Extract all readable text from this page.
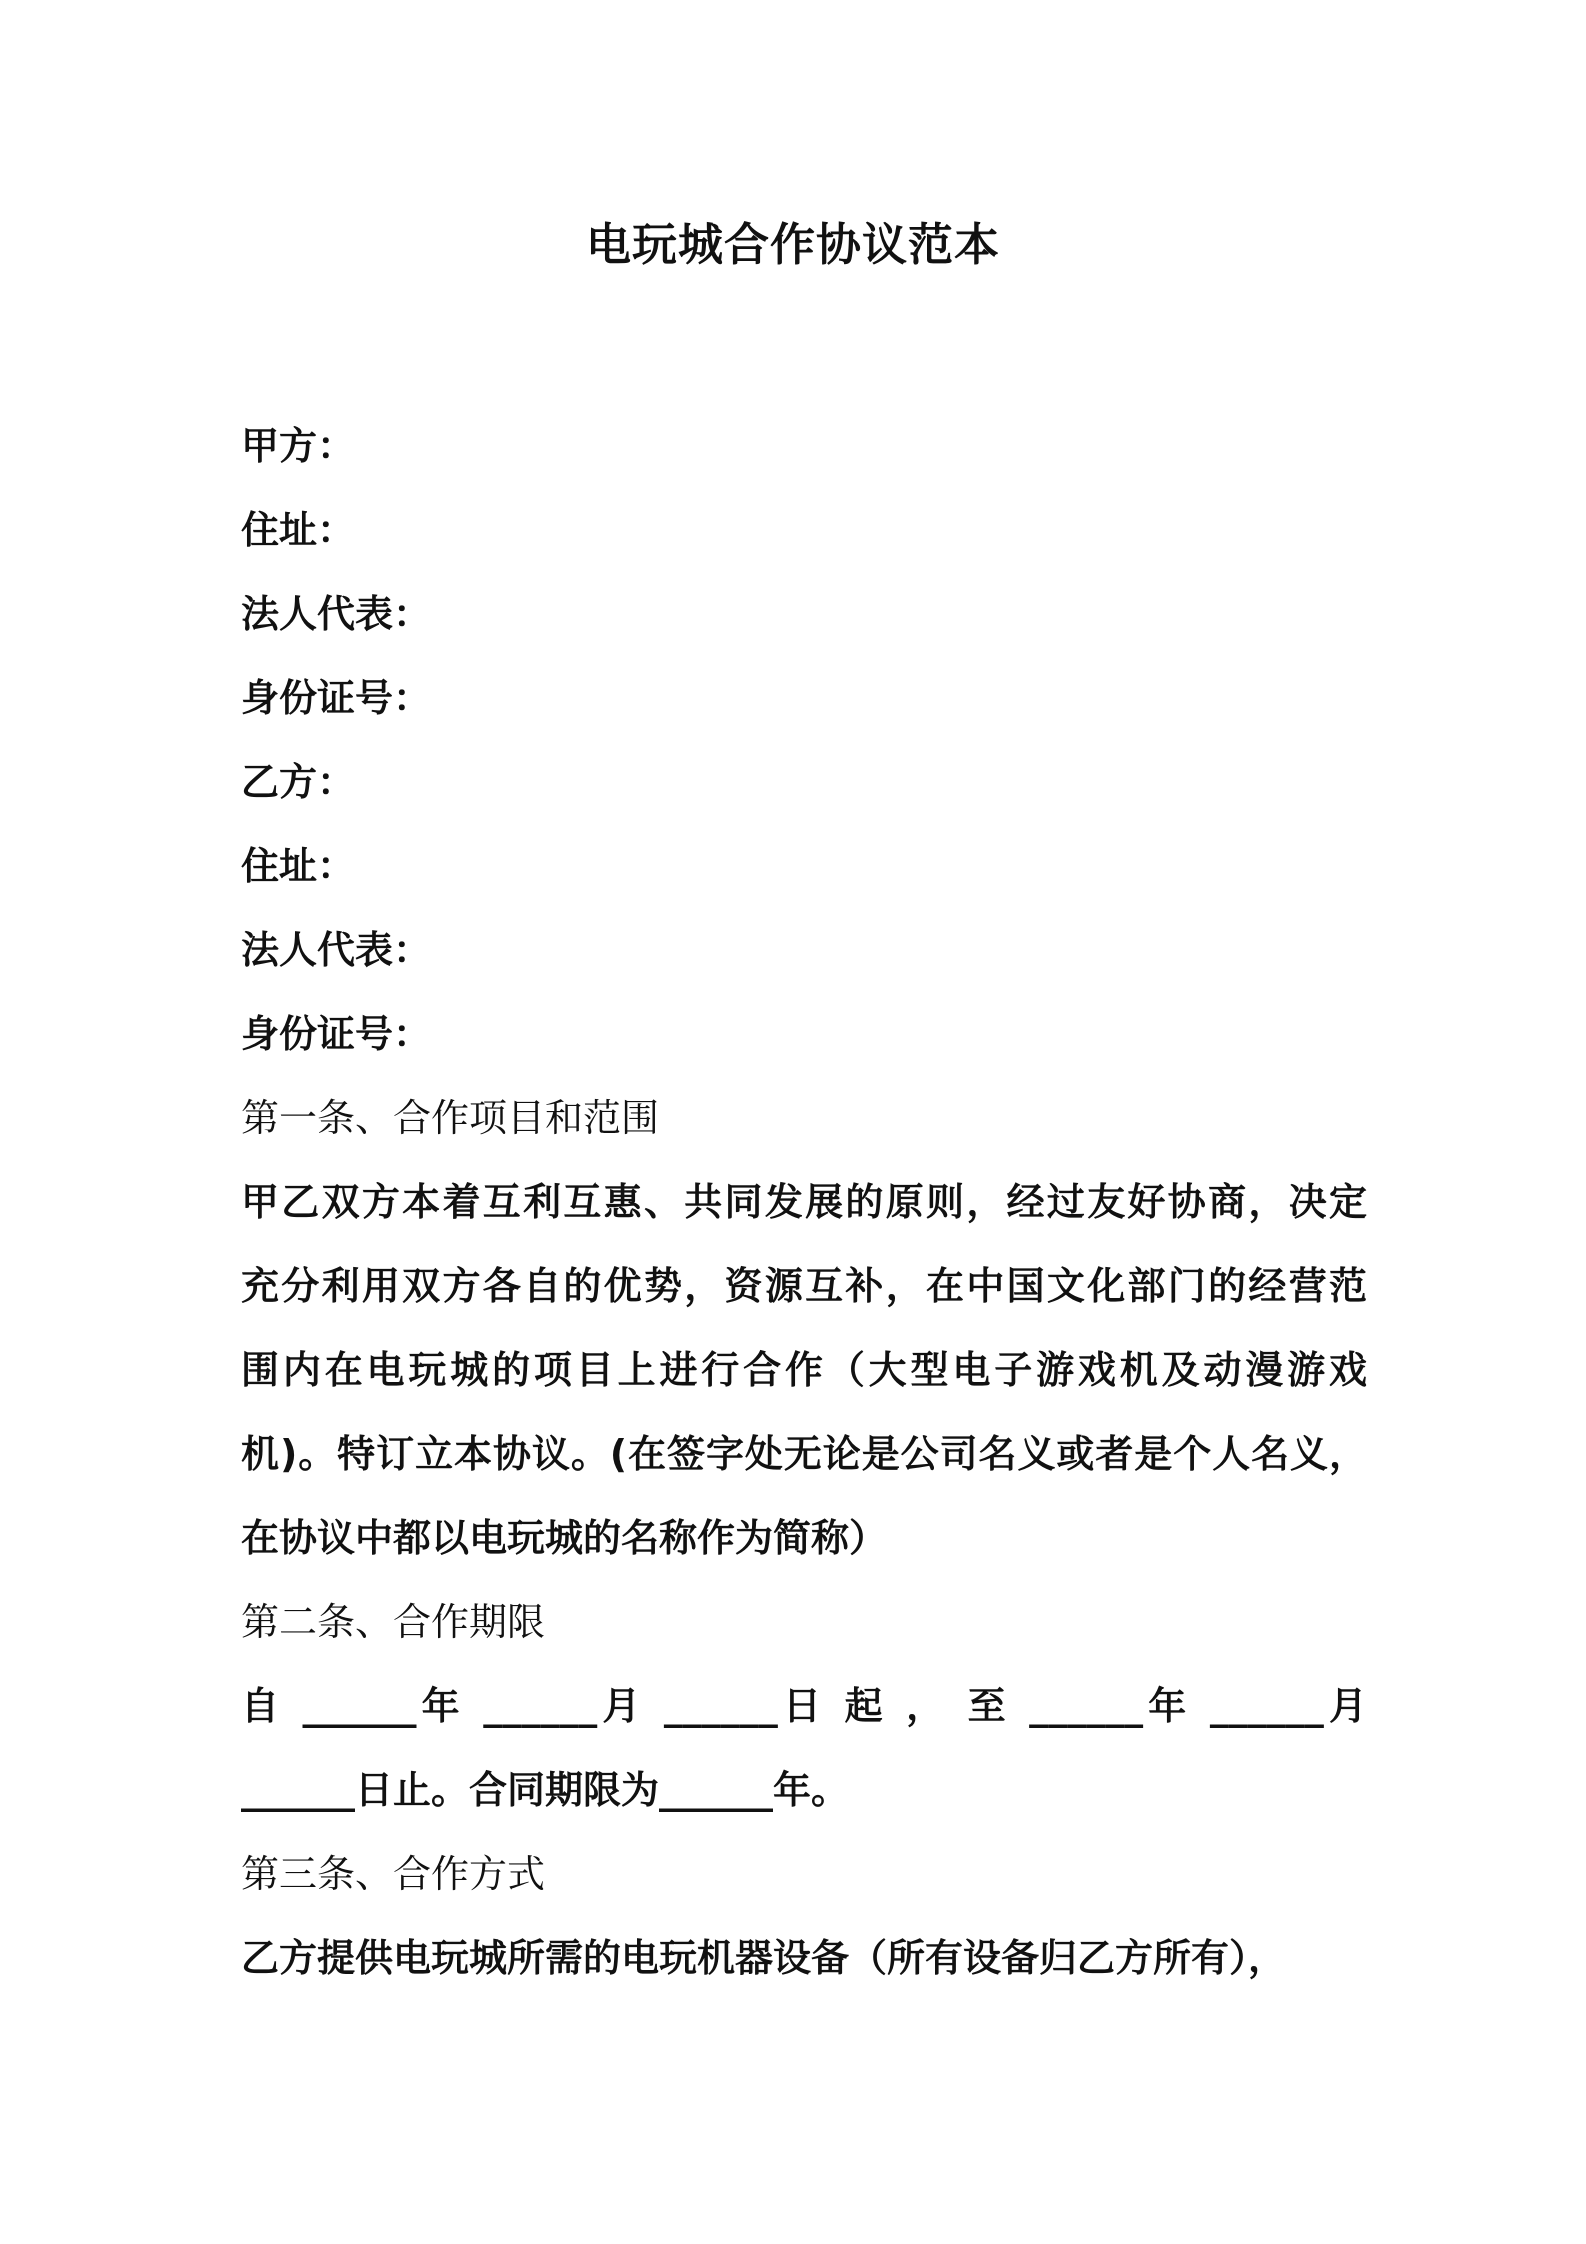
电玩城合作协议范本
甲方：
住址：
法人代表：
身份证号：
乙方：
住址：
法人代表：
身份证号：
第一条、合作项目和范围
甲乙双方本着互利互惠、共同发展的原则，经过友好协商，决定
充分利用双方各自的优势，资源互补，在中国文化部门的经营范
围内在电玩城的项目上进行合作（大型电子游戏机及动漫游戏
机)。特订立本协议。(在签字处无论是公司名义或者是个人名义，
在协议中都以电玩城的名称作为简称）
第二条、合作期限
自 ______年 ______月 ______日 起 ， 至 ______年 ______月
______日止。合同期限为______年。
第三条、合作方式
乙方提供电玩城所需的电玩机器设备（所有设备归乙方所有），
